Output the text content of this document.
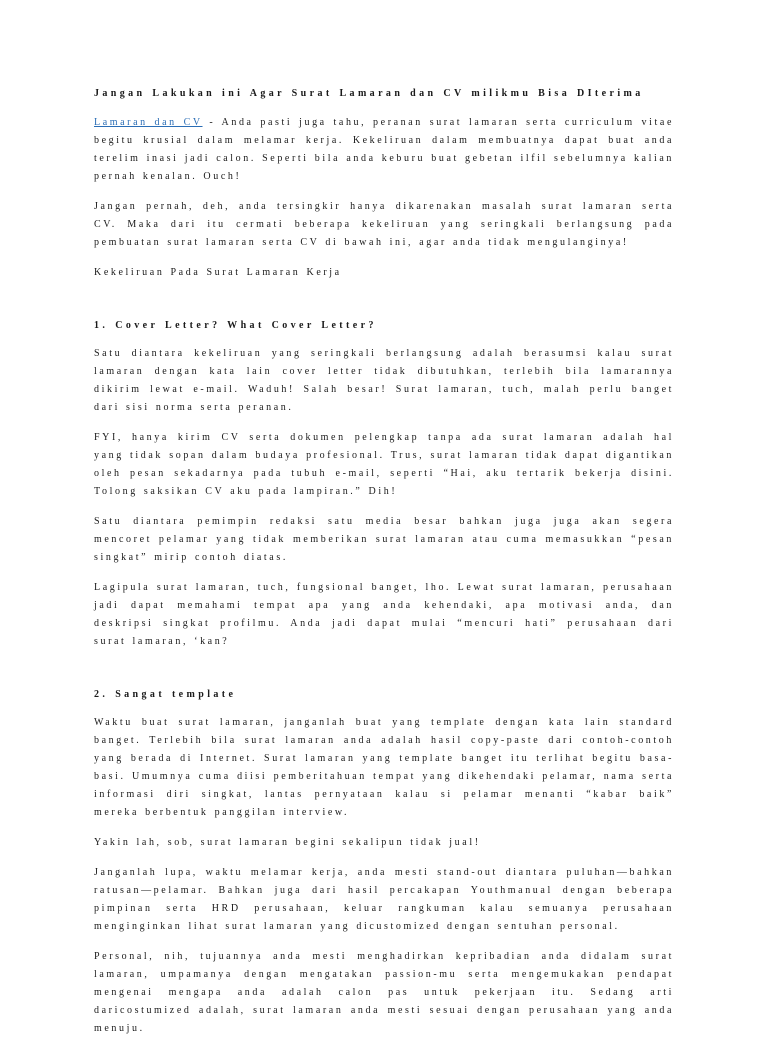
Jangan Lakukan ini Agar Surat Lamaran dan CV milikmu Bisa DIterima

Lamaran dan CV - Anda pasti juga tahu, peranan surat lamaran serta curriculum vitae begitu krusial dalam melamar kerja. Kekeliruan dalam membuatnya dapat buat anda terelim inasi jadi calon. Seperti bila anda keburu buat gebetan ilfil sebelumnya kalian pernah kenalan. Ouch!

Jangan pernah, deh, anda tersingkir hanya dikarenakan masalah surat lamaran serta CV. Maka dari itu cermati beberapa kekeliruan yang seringkali berlangsung pada pembuatan surat lamaran serta CV di bawah ini, agar anda tidak mengulanginya!

Kekeliruan Pada Surat Lamaran Kerja

1. Cover Letter? What Cover Letter?

Satu diantara kekeliruan yang seringkali berlangsung adalah berasumsi kalau surat lamaran dengan kata lain cover letter tidak dibutuhkan, terlebih bila lamarannya dikirim lewat e-mail. Waduh! Salah besar! Surat lamaran, tuch, malah perlu banget dari sisi norma serta peranan.

FYI, hanya kirim CV serta dokumen pelengkap tanpa ada surat lamaran adalah hal yang tidak sopan dalam budaya profesional. Trus, surat lamaran tidak dapat digantikan oleh pesan sekadarnya pada tubuh e-mail, seperti “Hai, aku tertarik bekerja disini. Tolong saksikan CV aku pada lampiran.” Dih!

Satu diantara pemimpin redaksi satu media besar bahkan juga juga akan segera mencoret pelamar yang tidak memberikan surat lamaran atau cuma memasukkan “pesan singkat” mirip contoh diatas.

Lagipula surat lamaran, tuch, fungsional banget, lho. Lewat surat lamaran, perusahaan jadi dapat memahami tempat apa yang anda kehendaki, apa motivasi anda, dan deskripsi singkat profilmu. Anda jadi dapat mulai “mencuri hati” perusahaan dari surat lamaran, ‘kan?

2. Sangat template

Waktu buat surat lamaran, janganlah buat yang template dengan kata lain standard banget. Terlebih bila surat lamaran anda adalah hasil copy-paste dari contoh-contoh yang berada di Internet. Surat lamaran yang template banget itu terlihat begitu basa-basi. Umumnya cuma diisi pemberitahuan tempat yang dikehendaki pelamar, nama serta informasi diri singkat, lantas pernyataan kalau si pelamar menanti “kabar baik” mereka berbentuk panggilan interview.

Yakin lah, sob, surat lamaran begini sekalipun tidak jual!

Janganlah lupa, waktu melamar kerja, anda mesti stand-out diantara puluhan—bahkan ratusan—pelamar. Bahkan juga dari hasil percakapan Youthmanual dengan beberapa pimpinan serta HRD perusahaan, keluar rangkuman kalau semuanya perusahaan menginginkan lihat surat lamaran yang dicustomized dengan sentuhan personal.

Personal, nih, tujuannya anda mesti menghadirkan kepribadian anda didalam surat lamaran, umpamanya dengan mengatakan passion-mu serta mengemukakan pendapat mengenai mengapa anda adalah calon pas untuk pekerjaan itu. Sedang arti daricostumized adalah, surat lamaran anda mesti sesuai dengan perusahaan yang anda menuju.
